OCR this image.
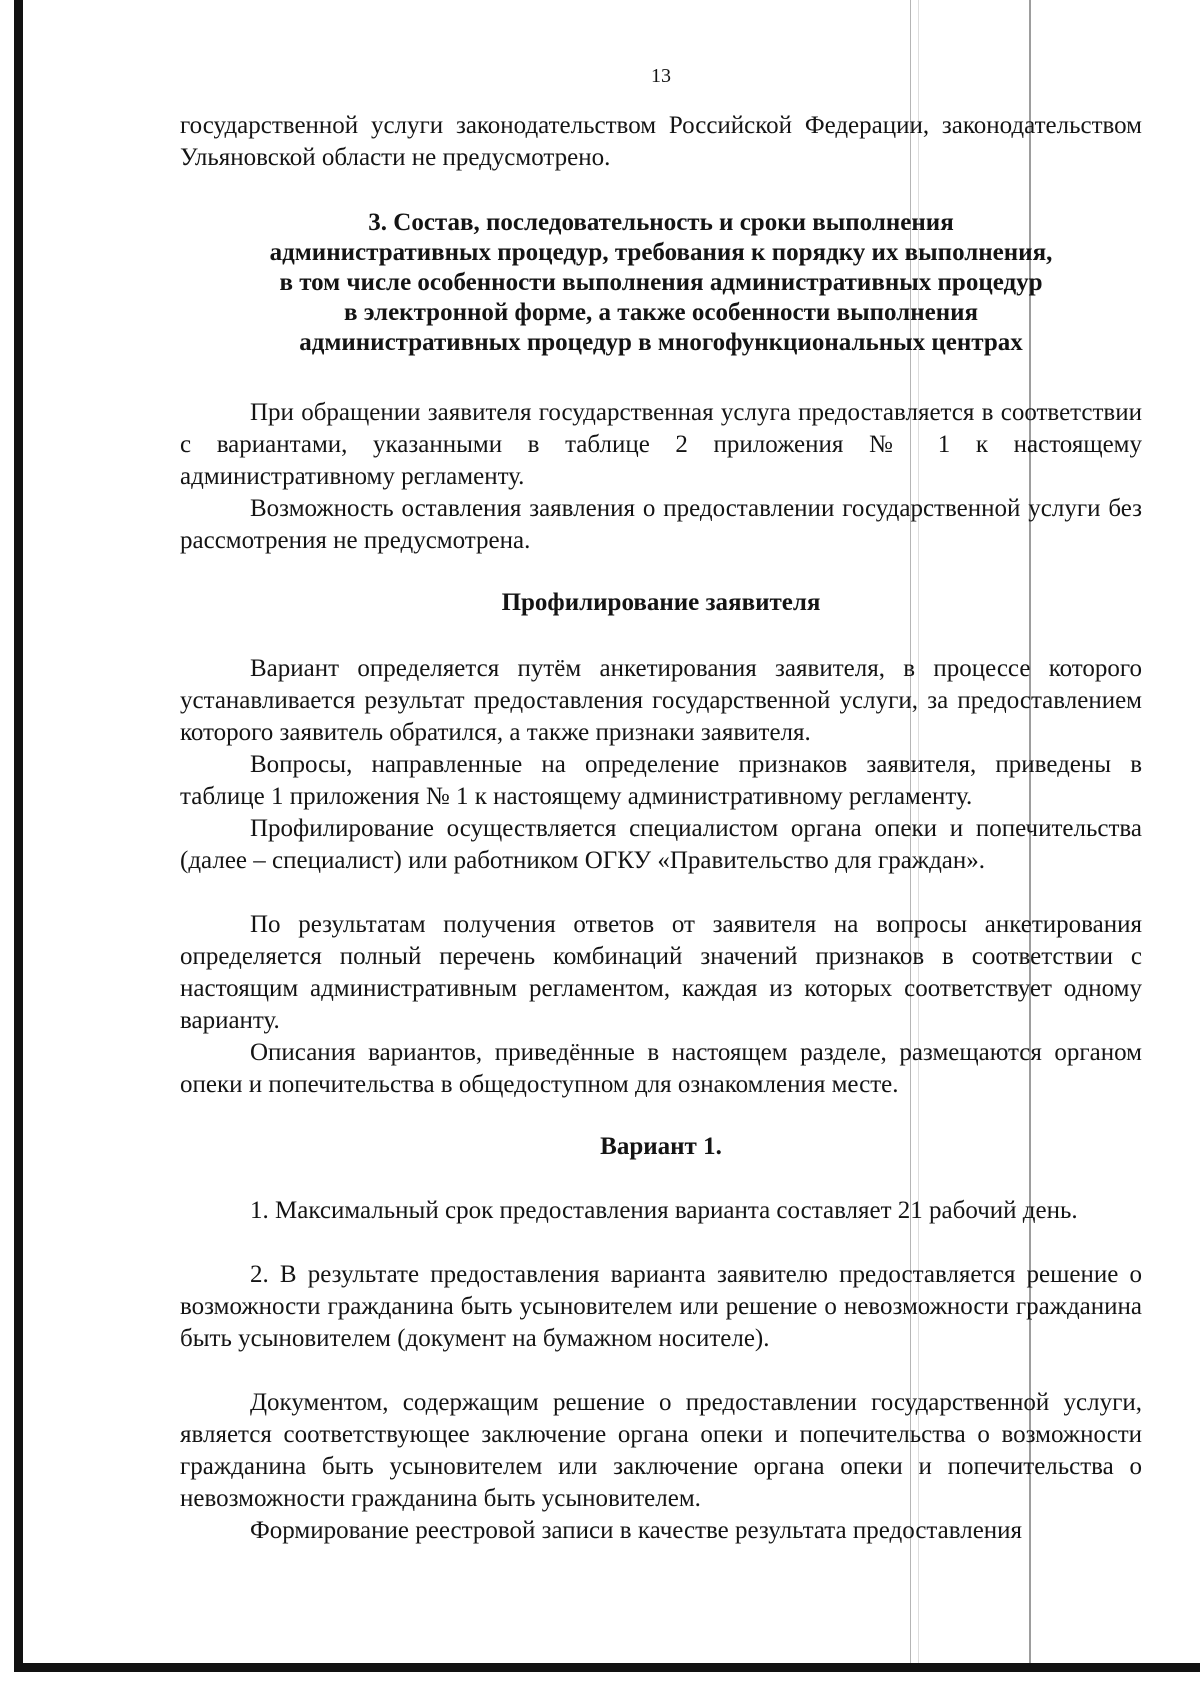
13

государственной услуги законодательством Российской Федерации, законодательством Ульяновской области не предусмотрено.

3. Состав, последовательность и сроки выполнения

административных процедур, требования к порядку их выполнения,

в том числе особенности выполнения административных процедур

в электронной форме, а также особенности выполнения

административных процедур в многофункциональных центрах

При обращении заявителя государственная услуга предоставляется в соответствии с вариантами, указанными в таблице 2 приложения № 1 к настоящему административному регламенту.

Возможность оставления заявления о предоставлении государственной услуги без рассмотрения не предусмотрена.

Профилирование заявителя

Вариант определяется путём анкетирования заявителя, в процессе которого устанавливается результат предоставления государственной услуги, за предоставлением которого заявитель обратился, а также признаки заявителя.

Вопросы, направленные на определение признаков заявителя, приведены в таблице 1 приложения № 1 к настоящему административному регламенту.

Профилирование осуществляется специалистом органа опеки и попечительства (далее – специалист) или работником ОГКУ «Правительство для граждан».

По результатам получения ответов от заявителя на вопросы анкетирования определяется полный перечень комбинаций значений признаков в соответствии с настоящим административным регламентом, каждая из которых соответствует одному варианту.

Описания вариантов, приведённые в настоящем разделе, размещаются органом опеки и попечительства в общедоступном для ознакомления месте.

Вариант 1.

1. Максимальный срок предоставления варианта составляет 21 рабочий день.

2. В результате предоставления варианта заявителю предоставляется решение о возможности гражданина быть усыновителем или решение о невозможности гражданина быть усыновителем (документ на бумажном носителе).

Документом, содержащим решение о предоставлении государственной услуги, является соответствующее заключение органа опеки и попечительства о возможности гражданина быть усыновителем или заключение органа опеки и попечительства о невозможности гражданина быть усыновителем.

Формирование реестровой записи в качестве результата предоставления
